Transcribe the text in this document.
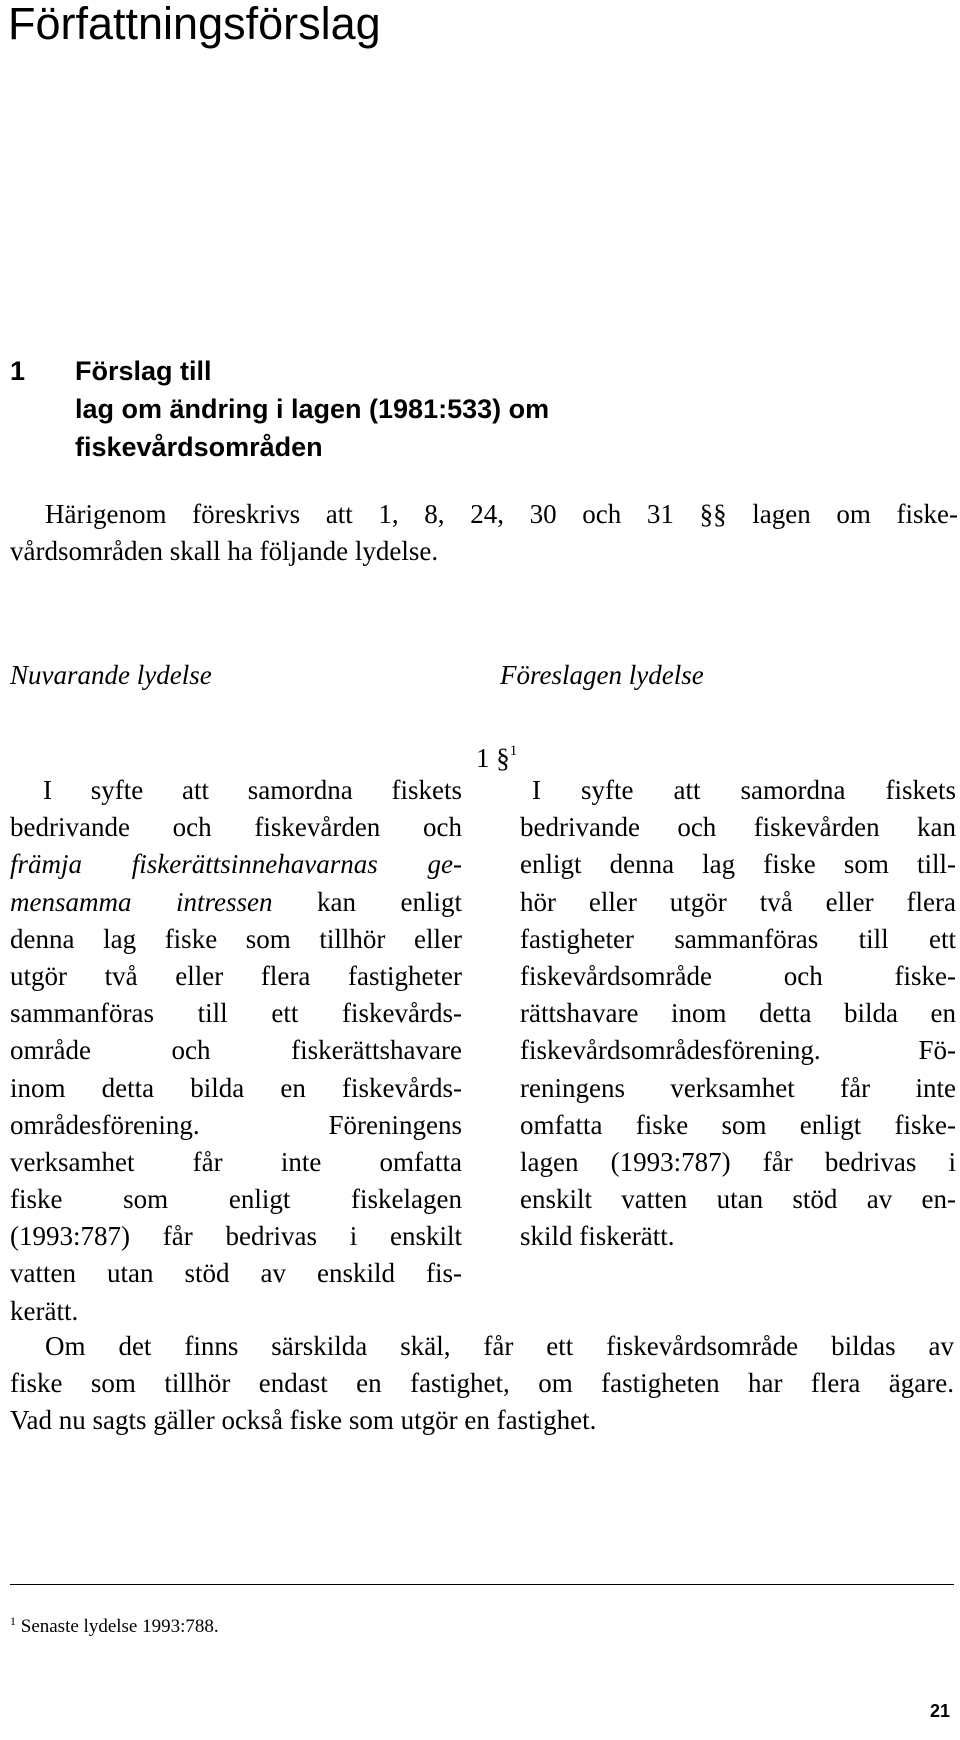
Författningsförslag
1 Förslag till
lag om ändring i lagen (1981:533) om
fiskevårdsområden
Härigenom föreskrivs att 1, 8, 24, 30 och 31 §§ lagen om fiske-
vårdsområden skall ha följande lydelse.
Nuvarande lydelse	Föreslagen lydelse
1 §$^1$
I syfte att samordna fiskets
bedrivande och fiskevården och
främja fiskerättsinnehavarnas ge-
mensamma intressen kan enligt
denna lag fiske som tillhör eller
utgör två eller flera fastigheter
sammanföras till ett fiskevårds-
område och fiskerättshavare
inom detta bilda en fiskevårds-
områdesförening. Föreningens
verksamhet får inte omfatta
fiske som enligt fiskelagen
(1993:787) får bedrivas i enskilt
vatten utan stöd av enskild fis-
kerätt.
I syfte att samordna fiskets
bedrivande och fiskevården kan
enligt denna lag fiske som till-
hör eller utgör två eller flera
fastigheter sammanföras till ett
fiskevårdsområde och fiske-
rättshavare inom detta bilda en
fiskevårdsområdesförening. Fö-
reningens verksamhet får inte
omfatta fiske som enligt fiske-
lagen (1993:787) får bedrivas i
enskilt vatten utan stöd av en-
skild fiskerätt.
Om det finns särskilda skäl, får ett fiskevårdsområde bildas av
fiske som tillhör endast en fastighet, om fastigheten har flera ägare.
Vad nu sagts gäller också fiske som utgör en fastighet.
$^1$ Senaste lydelse 1993:788.
21
